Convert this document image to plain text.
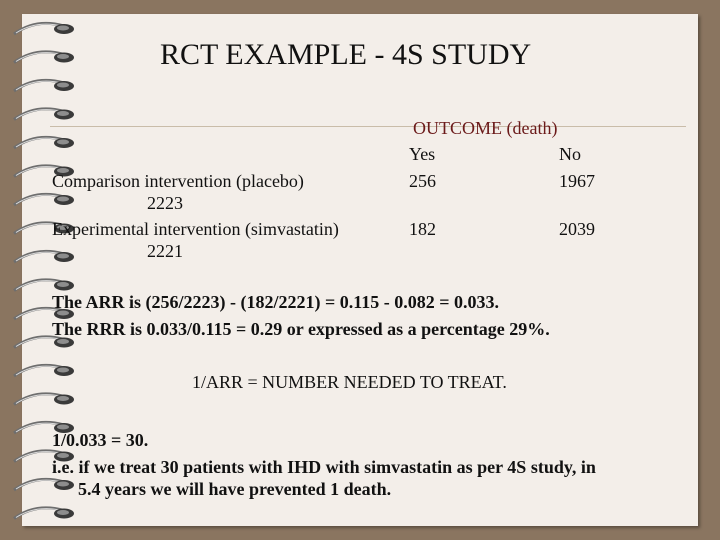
RCT EXAMPLE - 4S STUDY
OUTCOME (death)
Yes	No
Comparison intervention (placebo)	256	1967
2223
Experimental intervention (simvastatin)	182	2039
2221
The ARR is (256/2223) - (182/2221) = 0.115 - 0.082 = 0.033.
The RRR is 0.033/0.115 = 0.29 or expressed as a percentage 29%.
1/ARR = NUMBER NEEDED TO TREAT.
1/0.033 = 30.
i.e. if we treat 30 patients with IHD with simvastatin as per 4S study, in
5.4 years we will have prevented 1 death.
